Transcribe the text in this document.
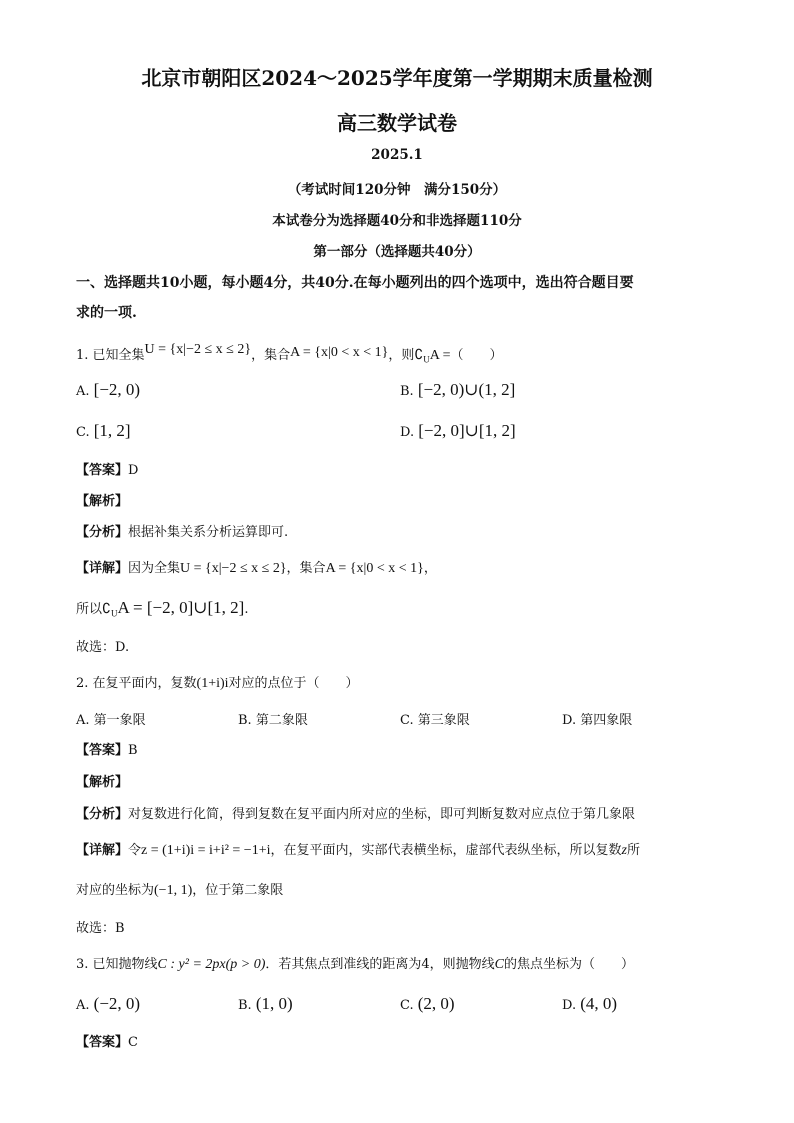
北京市朝阳区2024～2025学年度第一学期期末质量检测
高三数学试卷
2025.1
（考试时间120分钟　满分150分）
本试卷分为选择题40分和非选择题110分
第一部分（选择题共40分）
一、选择题共10小题，每小题4分，共40分.在每小题列出的四个选项中，选出符合题目要
求的一项.
1. 已知全集U = {x|−2 ≤ x ≤ 2}，集合A = {x|0 < x < 1}，则$∁_UA$ =（　　）
A. [−2, 0)	B. [−2, 0)∪(1, 2]
C. [1, 2]	D. [−2, 0]∪[1, 2]
【答案】D
【解析】
【分析】根据补集关系分析运算即可.
【详解】因为全集U = {x|−2 ≤ x ≤ 2}，集合A = {x|0 < x < 1}，
所以$∁_UA = [-2$, 0]∪[1, 2].
故选：D.
2. 在复平面内，复数(1+i)i对应的点位于（　　）
A. 第一象限	B. 第二象限	C. 第三象限	D. 第四象限
【答案】B
【解析】
【分析】对复数进行化简，得到复数在复平面内所对应的坐标，即可判断复数对应点位于第几象限
【详解】令z = (1+i)i = i+i² = −1+i，在复平面内，实部代表横坐标，虚部代表纵坐标，所以复数z所
对应的坐标为(−1, 1)，位于第二象限
故选：B
3. 已知抛物线C : y² = 2px(p > 0)．若其焦点到准线的距离为4，则抛物线C的焦点坐标为（　　）
A. (−2, 0)	B. (1, 0)	C. (2, 0)	D. (4, 0)
【答案】C
